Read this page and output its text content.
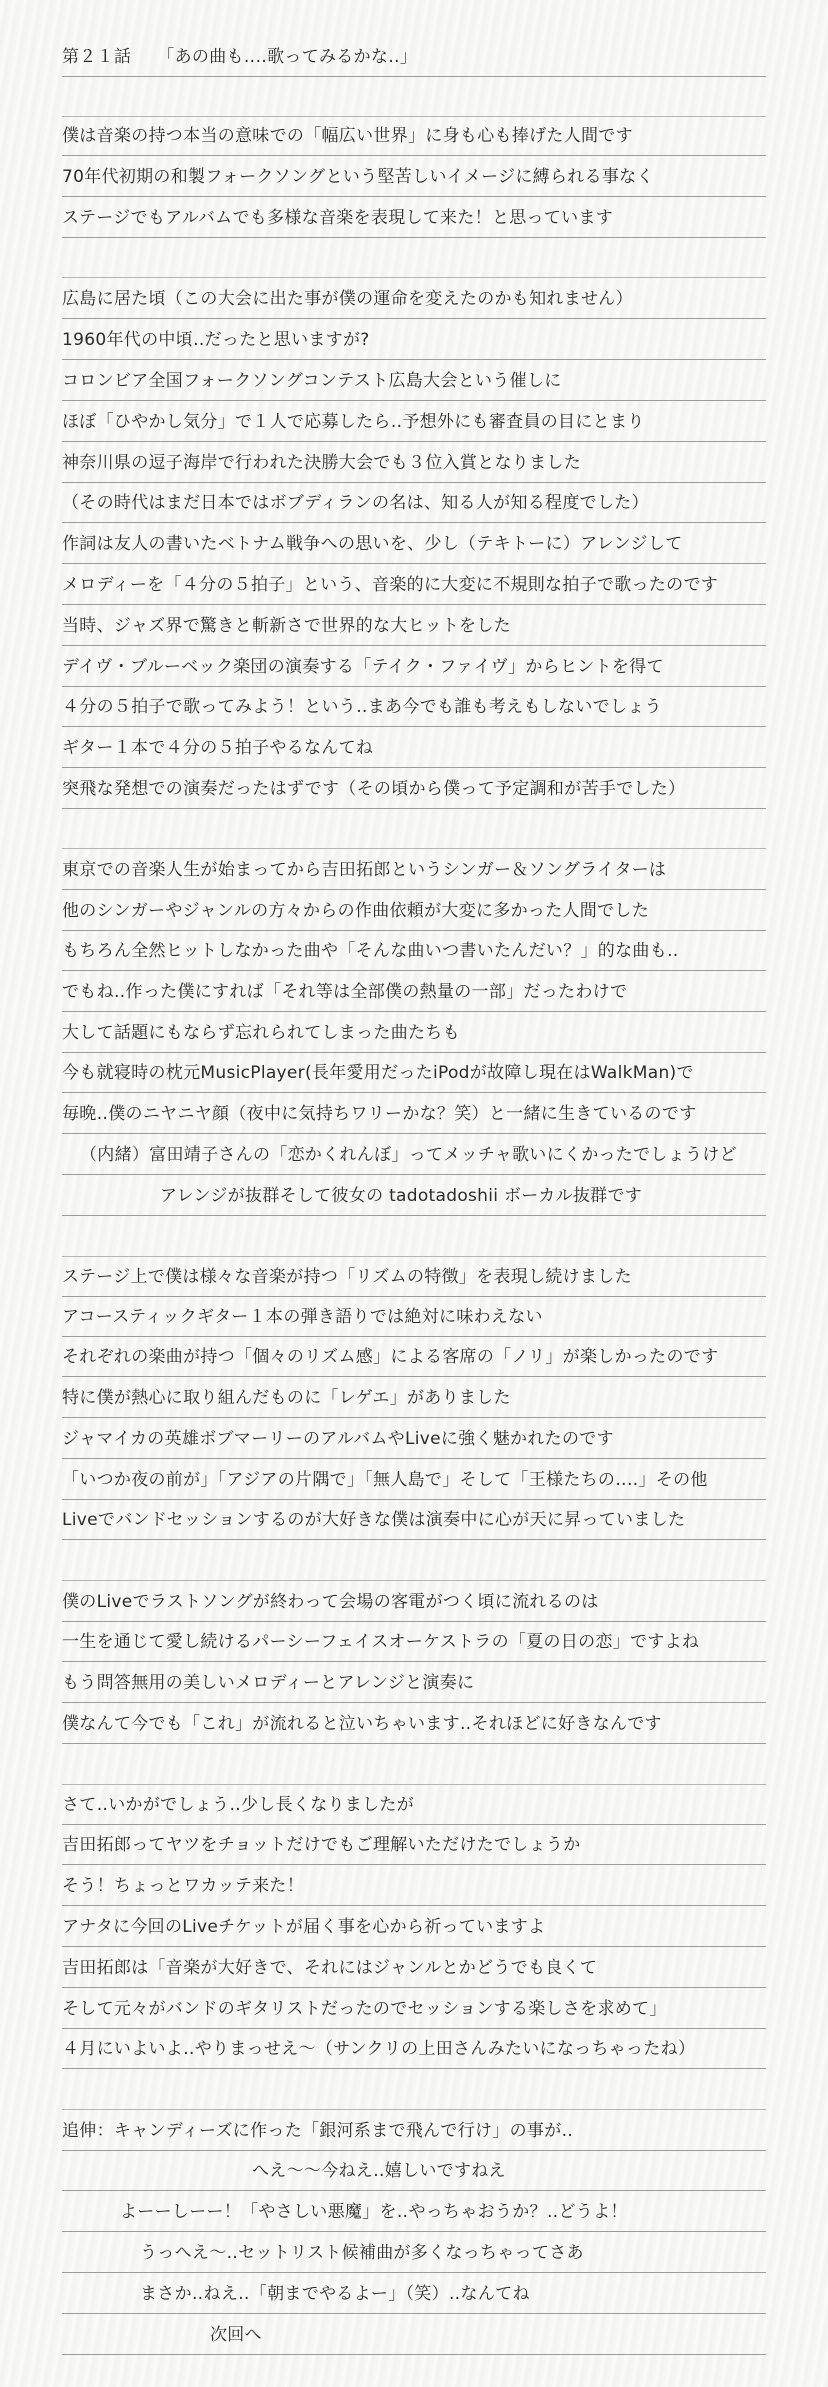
第２１話　　「あの曲も‥‥歌ってみるかな‥」
僕は音楽の持つ本当の意味での「幅広い世界」に身も心も捧げた人間です
70年代初期の和製フォークソングという堅苦しいイメージに縛られる事なく
ステージでもアルバムでも多様な音楽を表現して来た！と思っています
広島に居た頃（この大会に出た事が僕の運命を変えたのかも知れません）
1960年代の中頃‥だったと思いますが?
コロンビア全国フォークソングコンテスト広島大会という催しに
ほぼ「ひやかし気分」で１人で応募したら‥予想外にも審査員の目にとまり
神奈川県の逗子海岸で行われた決勝大会でも３位入賞となりました
（その時代はまだ日本ではボブディランの名は、知る人が知る程度でした）
作詞は友人の書いたベトナム戦争への思いを、少し（テキトーに）アレンジして
メロディーを「４分の５拍子」という、音楽的に大変に不規則な拍子で歌ったのです
当時、ジャズ界で驚きと斬新さで世界的な大ヒットをした
デイヴ・ブルーベック楽団の演奏する「テイク・ファイヴ」からヒントを得て
４分の５拍子で歌ってみよう！という‥まあ今でも誰も考えもしないでしょう
ギター１本で４分の５拍子やるなんてね
突飛な発想での演奏だったはずです（その頃から僕って予定調和が苦手でした）
東京での音楽人生が始まってから吉田拓郎というシンガー＆ソングライターは
他のシンガーやジャンルの方々からの作曲依頼が大変に多かった人間でした
もちろん全然ヒットしなかった曲や「そんな曲いつ書いたんだい？」的な曲も‥
でもね‥作った僕にすれば「それ等は全部僕の熱量の一部」だったわけで
大して話題にもならず忘れられてしまった曲たちも
今も就寝時の枕元MusicPlayer(長年愛用だったiPodが故障し現在はWalkMan)で
毎晩‥僕のニヤニヤ顔（夜中に気持ちワリーかな？笑）と一緒に生きているのです
（内緒）富田靖子さんの「恋かくれんぼ」ってメッチャ歌いにくかったでしょうけど
アレンジが抜群そして彼女の tadotadoshii ボーカル抜群です
ステージ上で僕は様々な音楽が持つ「リズムの特徴」を表現し続けました
アコースティックギター１本の弾き語りでは絶対に味わえない
それぞれの楽曲が持つ「個々のリズム感」による客席の「ノリ」が楽しかったのです
特に僕が熱心に取り組んだものに「レゲエ」がありました
ジャマイカの英雄ボブマーリーのアルバムやLiveに強く魅かれたのです
「いつか夜の前が」「アジアの片隅で」「無人島で」そして「王様たちの‥‥」その他
Liveでバンドセッションするのが大好きな僕は演奏中に心が天に昇っていました
僕のLiveでラストソングが終わって会場の客電がつく頃に流れるのは
一生を通じて愛し続けるパーシーフェイスオーケストラの「夏の日の恋」ですよね
もう問答無用の美しいメロディーとアレンジと演奏に
僕なんて今でも「これ」が流れると泣いちゃいます‥それほどに好きなんです
さて‥いかがでしょう‥少し長くなりましたが
吉田拓郎ってヤツをチョットだけでもご理解いただけたでしょうか
そう！ちょっとワカッテ来た！
アナタに今回のLiveチケットが届く事を心から祈っていますよ
吉田拓郎は「音楽が大好きで、それにはジャンルとかどうでも良くて
そして元々がバンドのギタリストだったのでセッションする楽しさを求めて」
４月にいよいよ‥やりまっせえ〜（サンクリの上田さんみたいになっちゃったね）
追伸：キャンディーズに作った「銀河系まで飛んで行け」の事が‥
へえ〜〜今ねえ‥嬉しいですねえ
よーーしーー！「やさしい悪魔」を‥やっちゃおうか？‥どうよ！
うっへえ〜‥セットリスト候補曲が多くなっちゃってさあ
まさか‥ねえ‥「朝までやるよー」（笑）‥なんてね
次回へ
